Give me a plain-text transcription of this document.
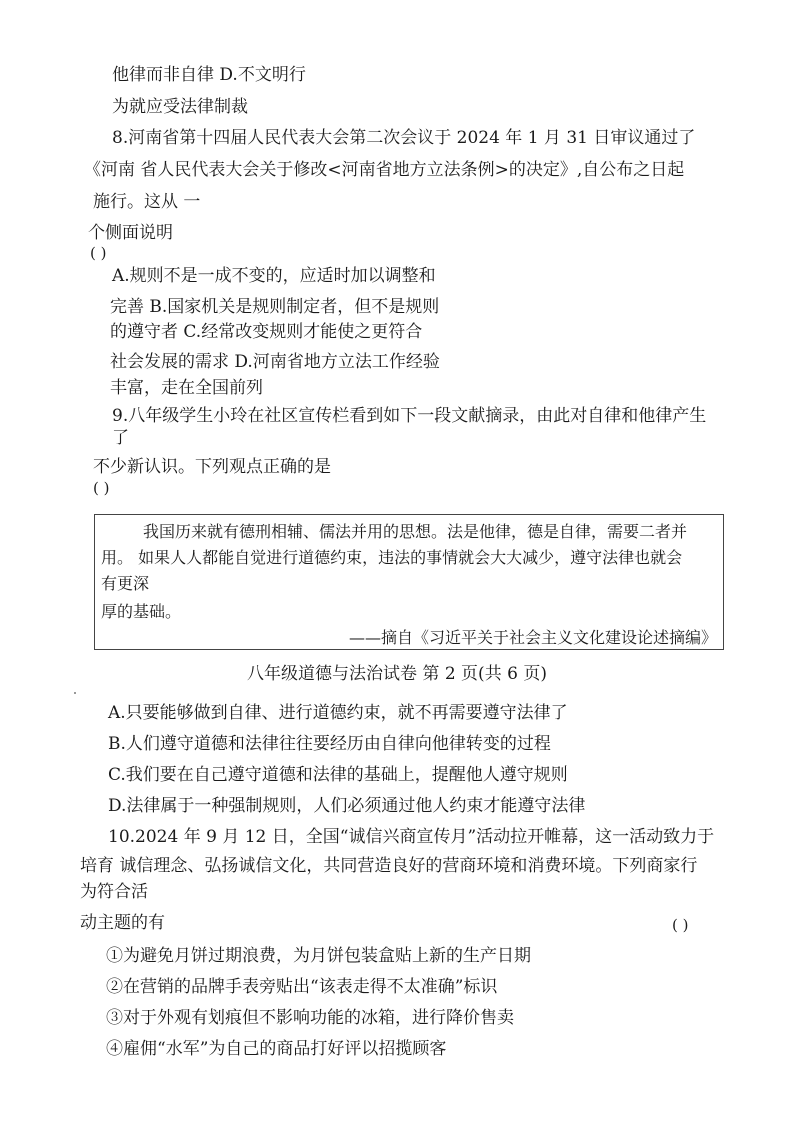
他律而非自律 D.不文明行
为就应受法律制裁
8.河南省第十四届人民代表大会第二次会议于 2024 年 1 月 31 日审议通过了
《河南 省人民代表大会关于修改<河南省地方立法条例>的决定》,自公布之日起
施行。这从 一
个侧面说明
( )
A.规则不是一成不变的，应适时加以调整和
完善 B.国家机关是规则制定者，但不是规则
的遵守者 C.经常改变规则才能使之更符合
社会发展的需求 D.河南省地方立法工作经验
丰富，走在全国前列
9.八年级学生小玲在社区宣传栏看到如下一段文献摘录，由此对自律和他律产生
了
不少新认识。下列观点正确的是
( )
我国历来就有德刑相辅、儒法并用的思想。法是他律，德是自律，需要二者并
用。 如果人人都能自觉进行道德约束，违法的事情就会大大减少，遵守法律也就会
有更深
厚的基础。
——摘自《习近平关于社会主义文化建设论述摘编》
八年级道德与法治试卷 第 2 页(共 6 页)
A.只要能够做到自律、进行道德约束，就不再需要遵守法律了
B.人们遵守道德和法律往往要经历由自律向他律转变的过程
C.我们要在自己遵守道德和法律的基础上，提醒他人遵守规则
D.法律属于一种强制规则，人们必须通过他人约束才能遵守法律
10.2024 年 9 月 12 日，全国“诚信兴商宣传月”活动拉开帷幕，这一活动致力于
培育 诚信理念、弘扬诚信文化，共同营造良好的营商环境和消费环境。下列商家行
为符合活
动主题的有	( )
①为避免月饼过期浪费，为月饼包装盒贴上新的生产日期
②在营销的品牌手表旁贴出“该表走得不太准确”标识
③对于外观有划痕但不影响功能的冰箱，进行降价售卖
④雇佣“水军”为自己的商品打好评以招揽顾客
